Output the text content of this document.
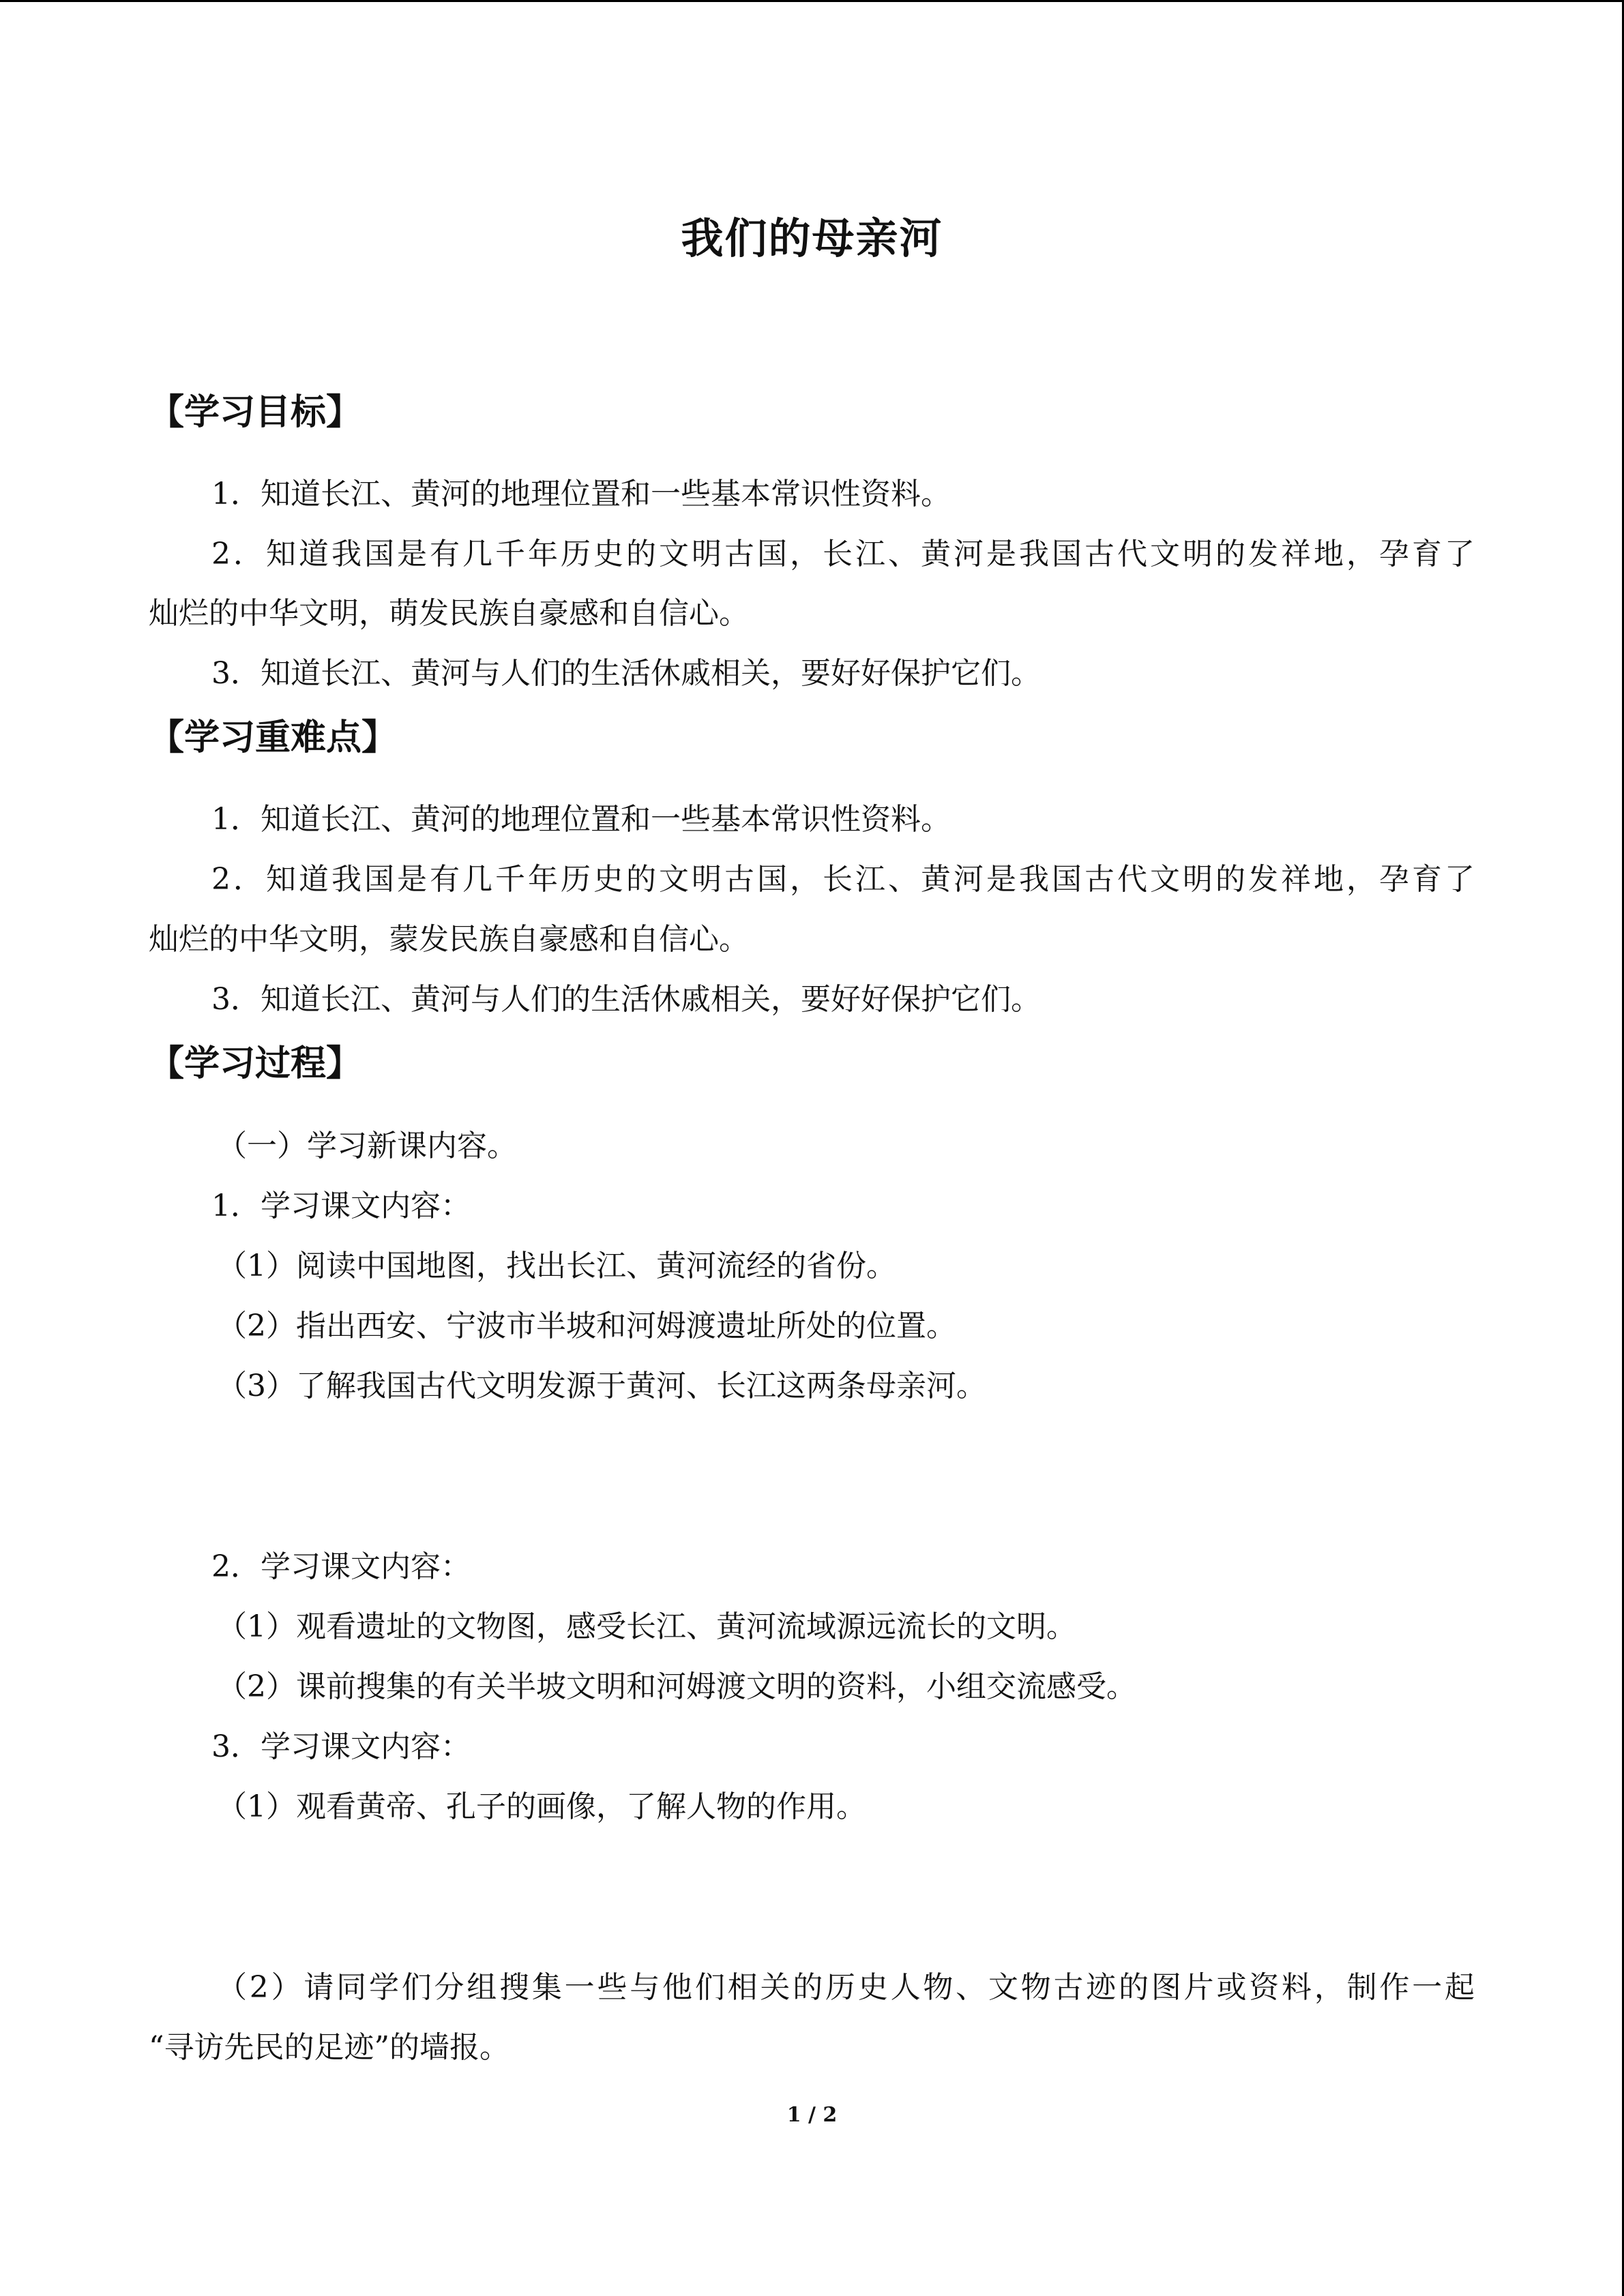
我们的母亲河
【学习目标】
1．知道长江、黄河的地理位置和一些基本常识性资料。
2．知道我国是有几千年历史的文明古国，长江、黄河是我国古代文明的发祥地，孕育了
灿烂的中华文明，萌发民族自豪感和自信心。
3．知道长江、黄河与人们的生活休戚相关，要好好保护它们。
【学习重难点】
1．知道长江、黄河的地理位置和一些基本常识性资料。
2．知道我国是有几千年历史的文明古国，长江、黄河是我国古代文明的发祥地，孕育了
灿烂的中华文明，蒙发民族自豪感和自信心。
3．知道长江、黄河与人们的生活休戚相关，要好好保护它们。
【学习过程】
（一）学习新课内容。
1．学习课文内容：
（1）阅读中国地图，找出长江、黄河流经的省份。
（2）指出西安、宁波市半坡和河姆渡遗址所处的位置。
（3）了解我国古代文明发源于黄河、长江这两条母亲河。
2．学习课文内容：
（1）观看遗址的文物图，感受长江、黄河流域源远流长的文明。
（2）课前搜集的有关半坡文明和河姆渡文明的资料，小组交流感受。
3．学习课文内容：
（1）观看黄帝、孔子的画像，了解人物的作用。
（2）请同学们分组搜集一些与他们相关的历史人物、文物古迹的图片或资料，制作一起
“寻访先民的足迹”的墙报。
1 / 2
